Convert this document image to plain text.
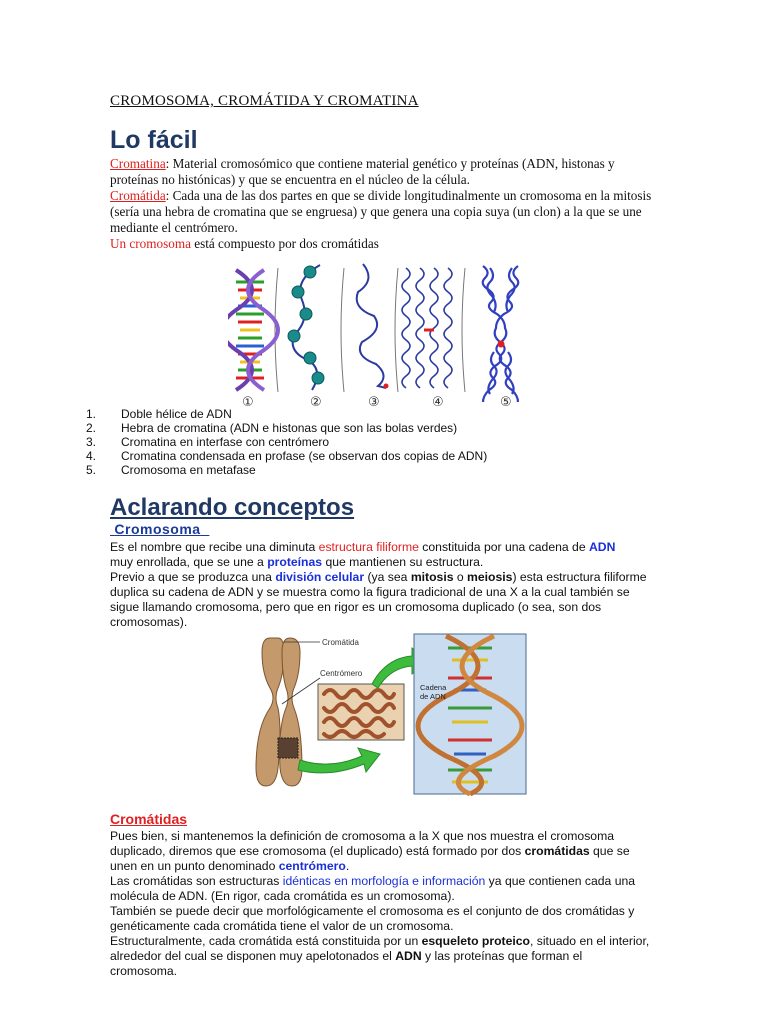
CROMOSOMA, CROMÁTIDA Y CROMATINA
Lo fácil
Cromatina: Material cromosómico que contiene material genético y proteínas (ADN, histonas y proteínas no histónicas) y que se encuentra en el núcleo de la célula.
Cromátida: Cada una de las dos partes en que se divide longitudinalmente un cromosoma en la mitosis (sería una hebra de cromatina que se engruesa) y que genera una copia suya (un clon) a la que se une mediante el centrómero.
Un cromosoma está compuesto por dos cromátidas
①	②	③	④	⑤
1.	Doble hélice de ADN
2.	Hebra de cromatina (ADN e histonas que son las bolas verdes)
3.	Cromatina en interfase con centrómero
4.	Cromatina condensada en profase (se observan dos copias de ADN)
5.	Cromosoma en metafase
Aclarando conceptos
Cromosoma
Es el nombre que recibe una diminuta estructura filiforme constituida por una cadena de ADN
muy enrollada, que se une a proteínas que mantienen su estructura.
Previo a que se produzca una división celular (ya sea mitosis o meiosis) esta estructura filiforme duplica su cadena de ADN y se muestra como la figura tradicional de una X a la cual también se sigue llamando cromosoma, pero que en rigor es un cromosoma duplicado (o sea, son dos cromosomas).
Cromátida
Centrómero
Cadena
de ADN
Cromátidas
Pues bien, si mantenemos la definición de cromosoma a la X que nos muestra el cromosoma duplicado, diremos que ese cromosoma (el duplicado) está formado por dos cromátidas que se unen en un punto denominado centrómero.
Las cromátidas son estructuras idénticas en morfología e información ya que contienen cada una molécula de ADN. (En rigor, cada cromátida es un cromosoma).
También se puede decir que morfológicamente el cromosoma es el conjunto de dos cromátidas y genéticamente cada cromátida tiene el valor de un cromosoma.
Estructuralmente, cada cromátida está constituida por un esqueleto proteico, situado en el interior, alrededor del cual se disponen muy apelotonados el ADN y las proteínas que forman el cromosoma.
